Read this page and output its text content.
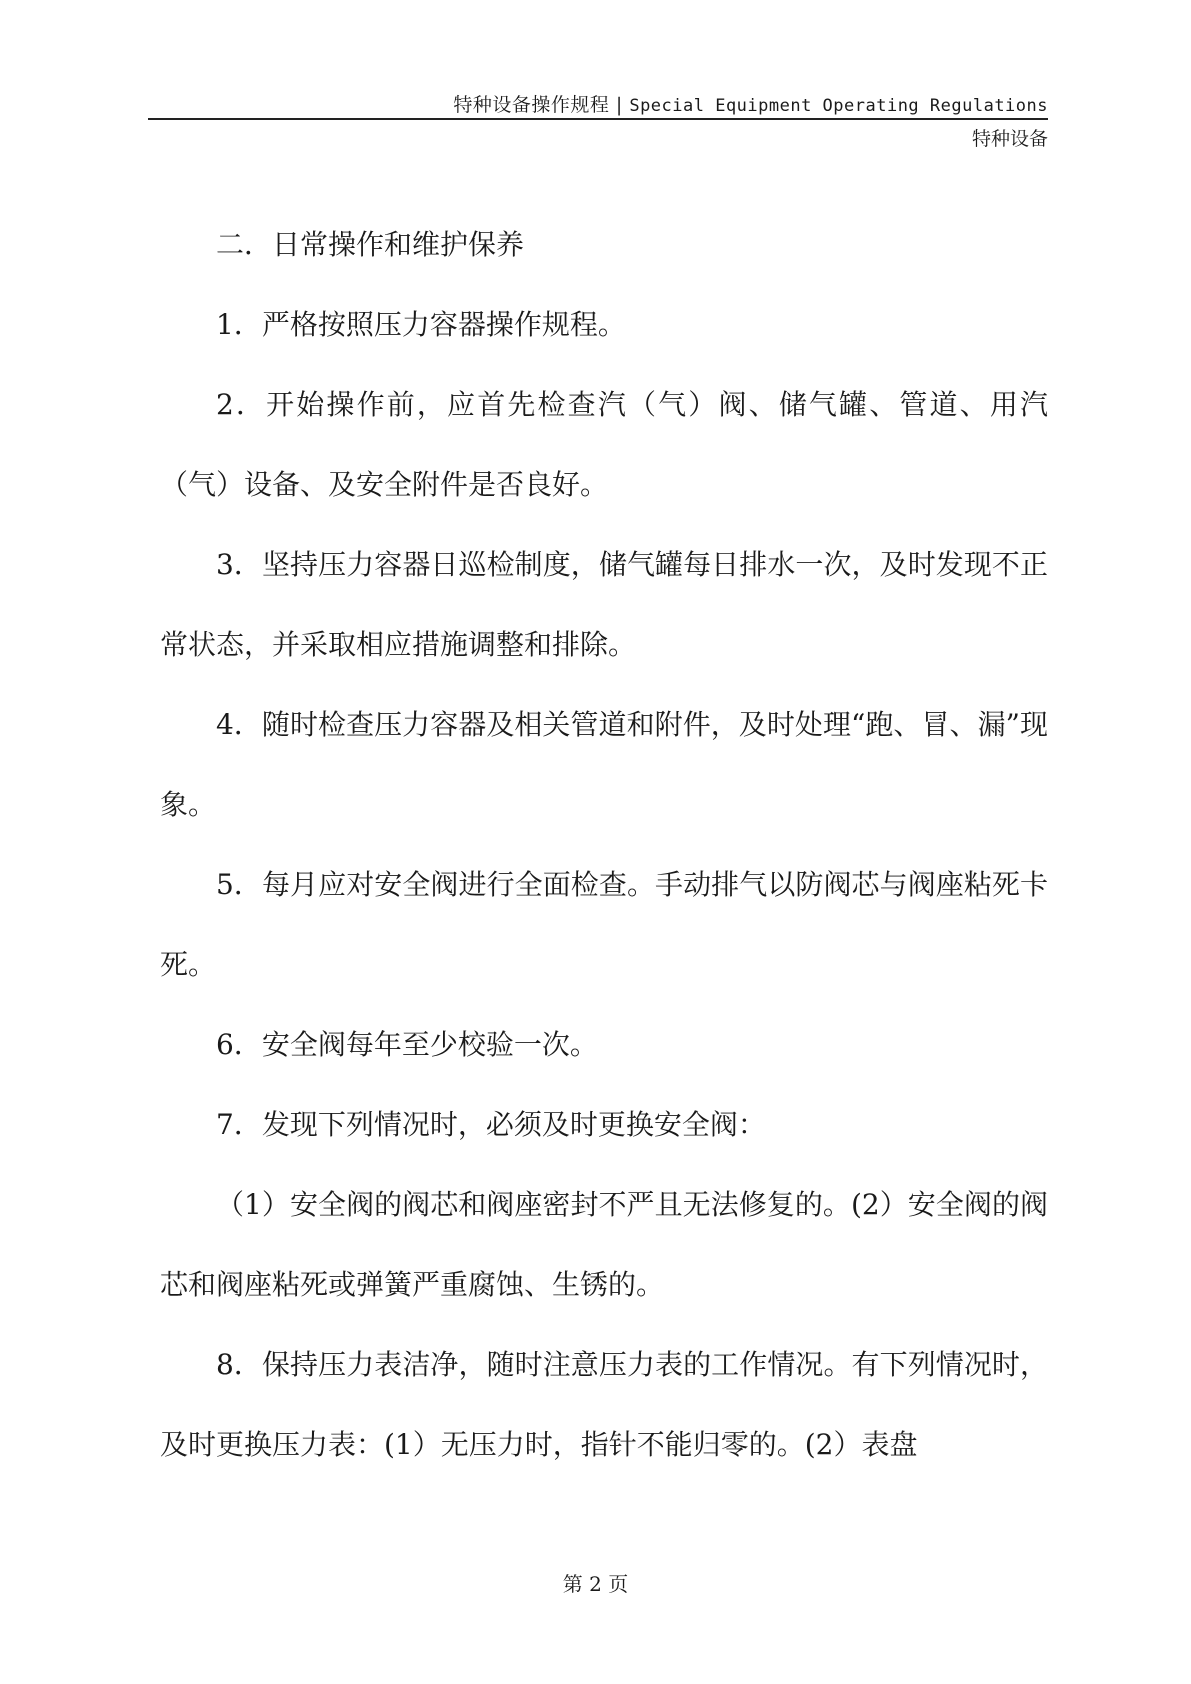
特种设备操作规程 | Special Equipment Operating Regulations
特种设备

二．日常操作和维护保养

1．严格按照压力容器操作规程。

2．开始操作前，应首先检查汽（气）阀、储气罐、管道、用汽（气）设备、及安全附件是否良好。

3．坚持压力容器日巡检制度，储气罐每日排水一次，及时发现不正常状态，并采取相应措施调整和排除。

4．随时检查压力容器及相关管道和附件，及时处理“跑、冒、漏”现象。

5．每月应对安全阀进行全面检查。手动排气以防阀芯与阀座粘死卡死。

6．安全阀每年至少校验一次。

7．发现下列情况时，必须及时更换安全阀：

（1）安全阀的阀芯和阀座密封不严且无法修复的。(2）安全阀的阀芯和阀座粘死或弹簧严重腐蚀、生锈的。

8．保持压力表洁净，随时注意压力表的工作情况。有下列情况时，及时更换压力表：(1）无压力时，指针不能归零的。(2）表盘

第 2 页
